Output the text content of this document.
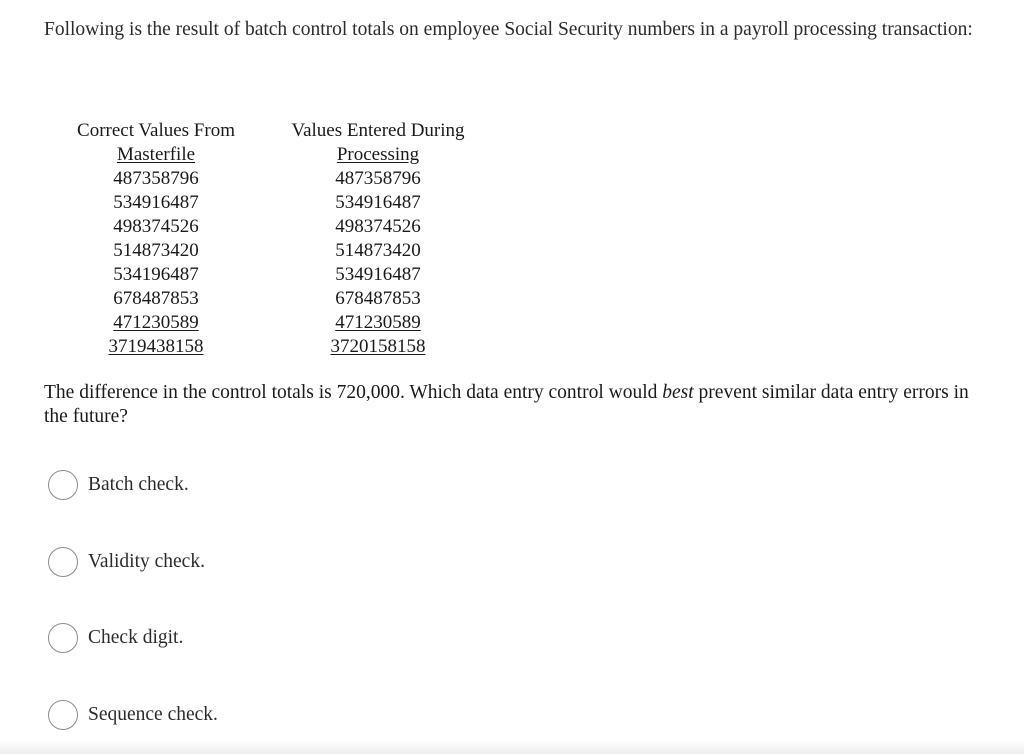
Following is the result of batch control totals on employee Social Security numbers in a payroll processing transaction:
Correct Values From
Masterfile
487358796
534916487
498374526
514873420
534196487
678487853
471230589
3719438158
Values Entered During
Processing
487358796
534916487
498374526
514873420
534916487
678487853
471230589
3720158158
The difference in the control totals is 720,000. Which data entry control would best prevent similar data entry errors in the future?
Batch check.
Validity check.
Check digit.
Sequence check.
